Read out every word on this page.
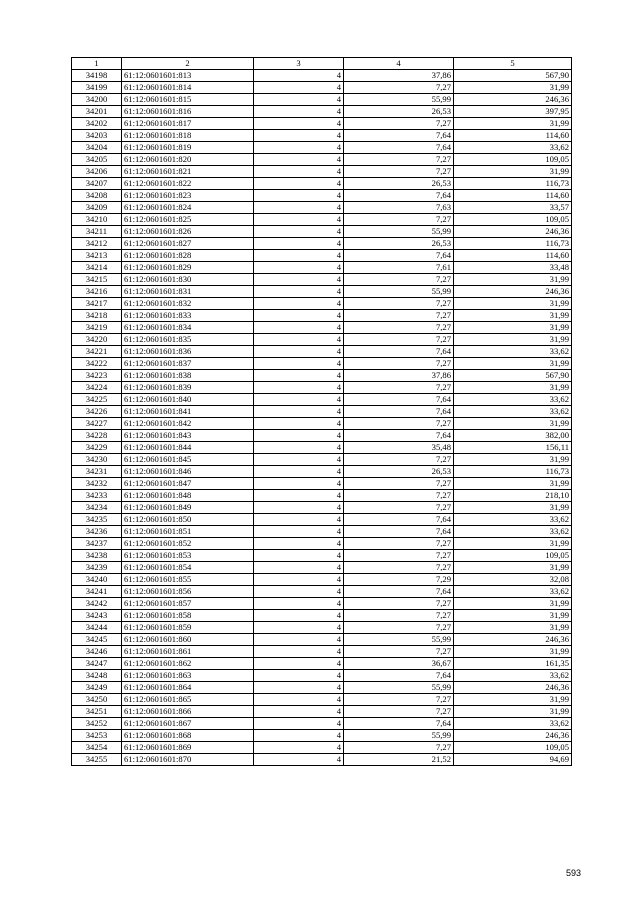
1	2	3	4	5
34198	61:12:0601601:813	4	37,86	567,90
34199	61:12:0601601:814	4	7,27	31,99
34200	61:12:0601601:815	4	55,99	246,36
34201	61:12:0601601:816	4	26,53	397,95
34202	61:12:0601601:817	4	7,27	31,99
34203	61:12:0601601:818	4	7,64	114,60
34204	61:12:0601601:819	4	7,64	33,62
34205	61:12:0601601:820	4	7,27	109,05
34206	61:12:0601601:821	4	7,27	31,99
34207	61:12:0601601:822	4	26,53	116,73
34208	61:12:0601601:823	4	7,64	114,60
34209	61:12:0601601:824	4	7,63	33,57
34210	61:12:0601601:825	4	7,27	109,05
34211	61:12:0601601:826	4	55,99	246,36
34212	61:12:0601601:827	4	26,53	116,73
34213	61:12:0601601:828	4	7,64	114,60
34214	61:12:0601601:829	4	7,61	33,48
34215	61:12:0601601:830	4	7,27	31,99
34216	61:12:0601601:831	4	55,99	246,36
34217	61:12:0601601:832	4	7,27	31,99
34218	61:12:0601601:833	4	7,27	31,99
34219	61:12:0601601:834	4	7,27	31,99
34220	61:12:0601601:835	4	7,27	31,99
34221	61:12:0601601:836	4	7,64	33,62
34222	61:12:0601601:837	4	7,27	31,99
34223	61:12:0601601:838	4	37,86	567,90
34224	61:12:0601601:839	4	7,27	31,99
34225	61:12:0601601:840	4	7,64	33,62
34226	61:12:0601601:841	4	7,64	33,62
34227	61:12:0601601:842	4	7,27	31,99
34228	61:12:0601601:843	4	7,64	382,00
34229	61:12:0601601:844	4	35,48	156,11
34230	61:12:0601601:845	4	7,27	31,99
34231	61:12:0601601:846	4	26,53	116,73
34232	61:12:0601601:847	4	7,27	31,99
34233	61:12:0601601:848	4	7,27	218,10
34234	61:12:0601601:849	4	7,27	31,99
34235	61:12:0601601:850	4	7,64	33,62
34236	61:12:0601601:851	4	7,64	33,62
34237	61:12:0601601:852	4	7,27	31,99
34238	61:12:0601601:853	4	7,27	109,05
34239	61:12:0601601:854	4	7,27	31,99
34240	61:12:0601601:855	4	7,29	32,08
34241	61:12:0601601:856	4	7,64	33,62
34242	61:12:0601601:857	4	7,27	31,99
34243	61:12:0601601:858	4	7,27	31,99
34244	61:12:0601601:859	4	7,27	31,99
34245	61:12:0601601:860	4	55,99	246,36
34246	61:12:0601601:861	4	7,27	31,99
34247	61:12:0601601:862	4	36,67	161,35
34248	61:12:0601601:863	4	7,64	33,62
34249	61:12:0601601:864	4	55,99	246,36
34250	61:12:0601601:865	4	7,27	31,99
34251	61:12:0601601:866	4	7,27	31,99
34252	61:12:0601601:867	4	7,64	33,62
34253	61:12:0601601:868	4	55,99	246,36
34254	61:12:0601601:869	4	7,27	109,05
34255	61:12:0601601:870	4	21,52	94,69
593
